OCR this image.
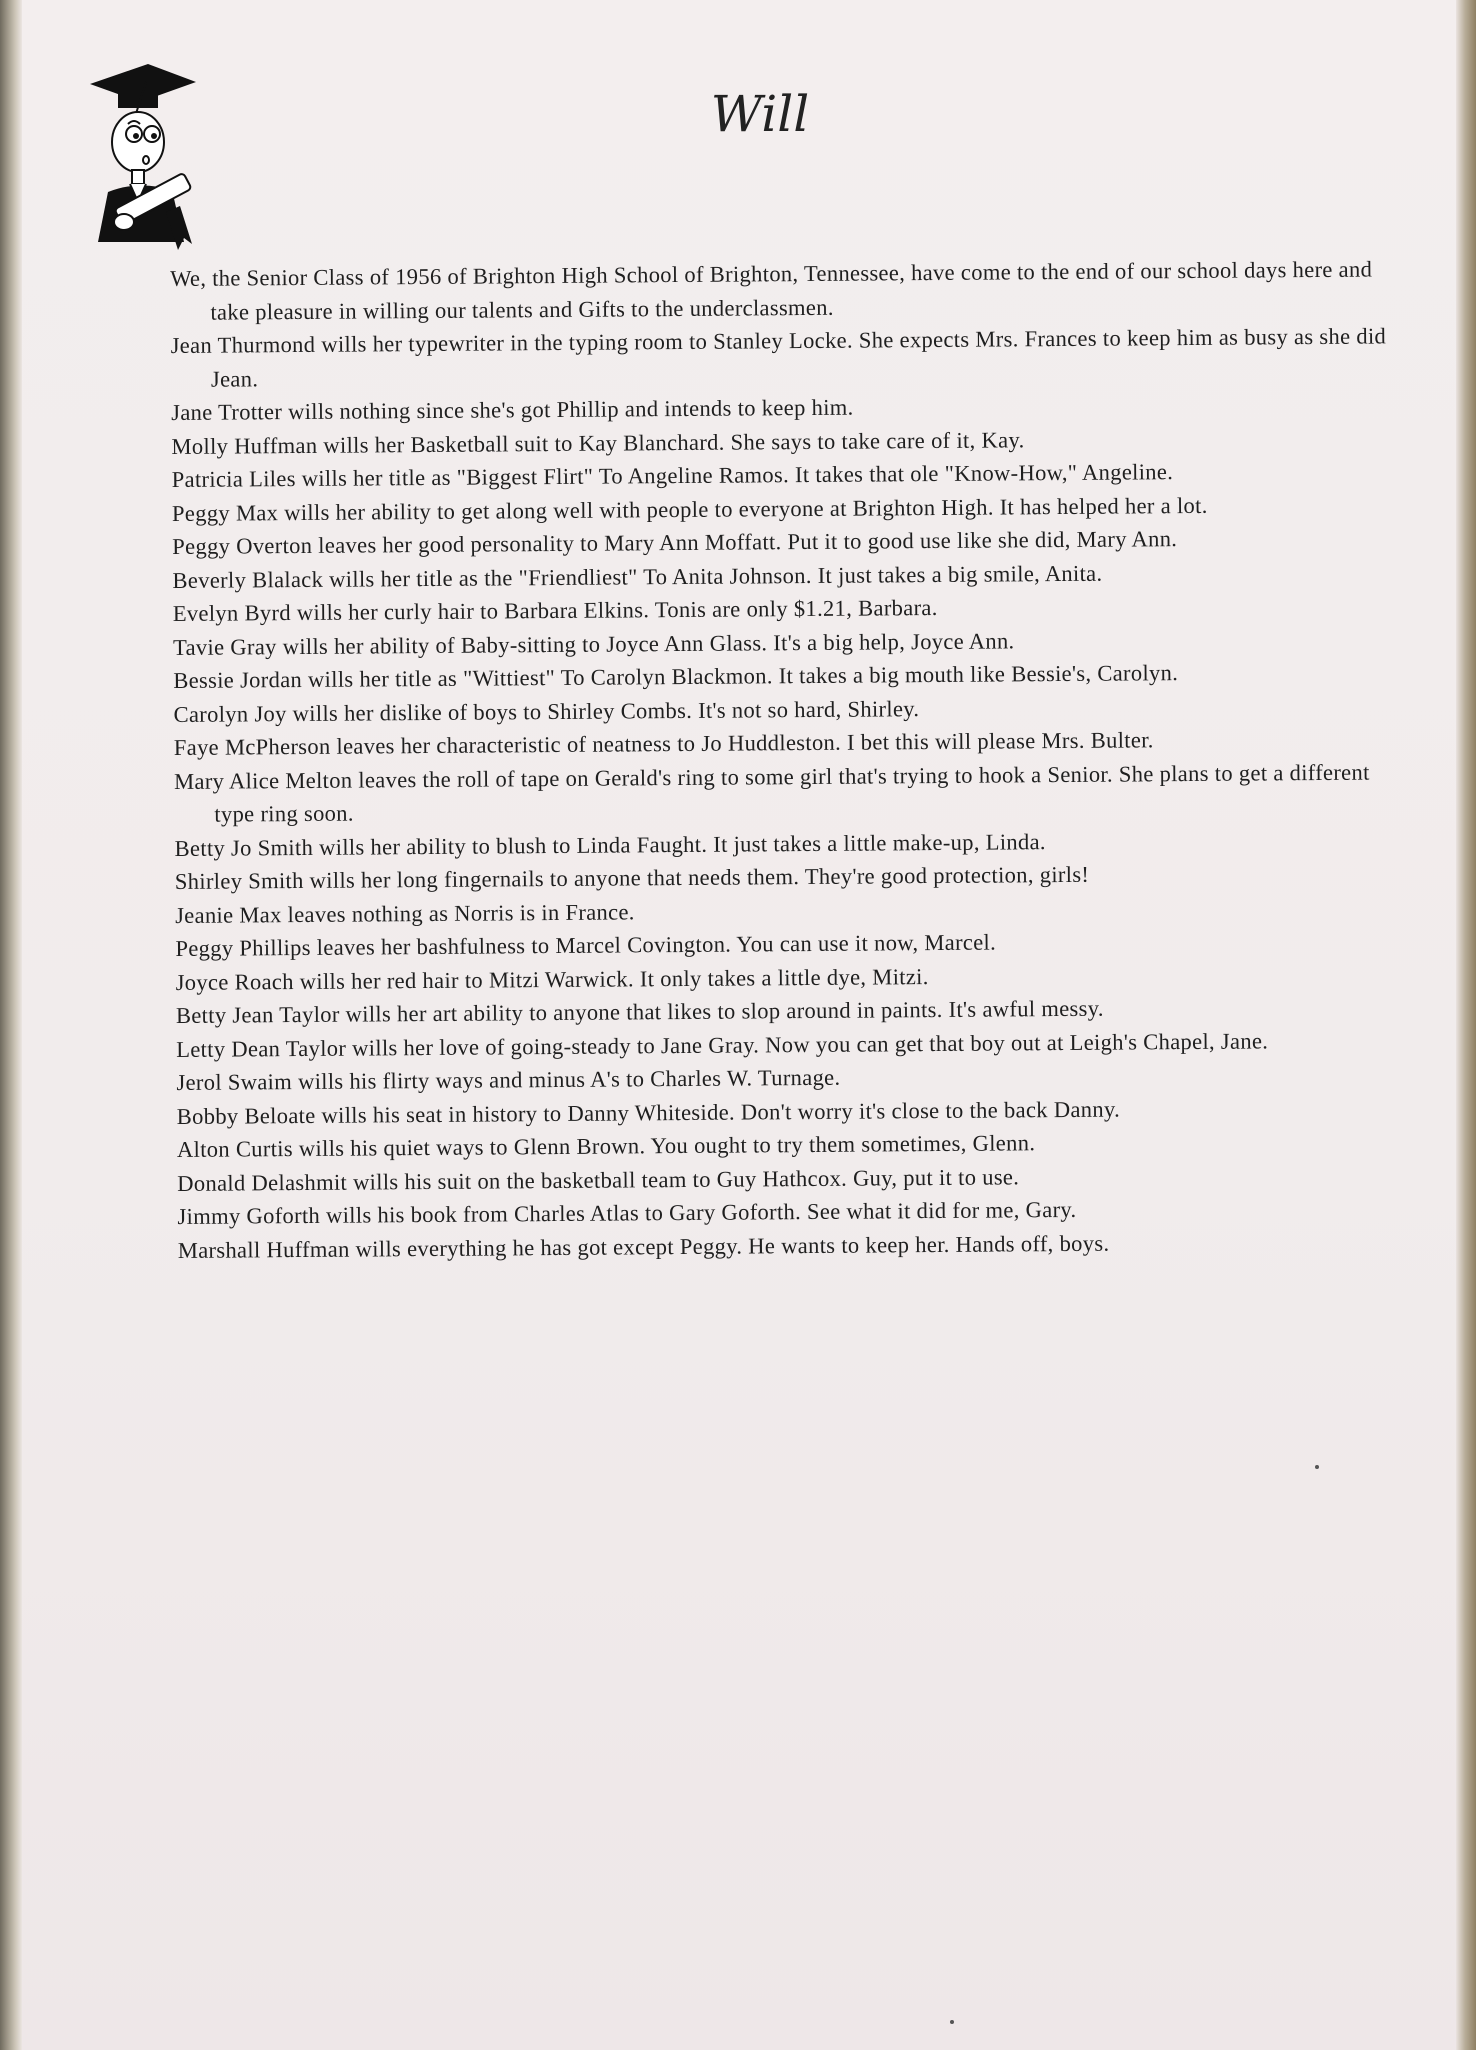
Will

We, the Senior Class of 1956 of Brighton High School of Brighton, Tennessee, have come to the end of our school days here and take pleasure in willing our talents and Gifts to the underclassmen.

Jean Thurmond wills her typewriter in the typing room to Stanley Locke. She expects Mrs. Frances to keep him as busy as she did Jean.

Jane Trotter wills nothing since she's got Phillip and intends to keep him.

Molly Huffman wills her Basketball suit to Kay Blanchard. She says to take care of it, Kay.

Patricia Liles wills her title as "Biggest Flirt" To Angeline Ramos. It takes that ole "Know-How," Angeline.

Peggy Max wills her ability to get along well with people to everyone at Brighton High. It has helped her a lot.

Peggy Overton leaves her good personality to Mary Ann Moffatt. Put it to good use like she did, Mary Ann.

Beverly Blalack wills her title as the "Friendliest" To Anita Johnson. It just takes a big smile, Anita.

Evelyn Byrd wills her curly hair to Barbara Elkins. Tonis are only $1.21, Barbara.

Tavie Gray wills her ability of Baby-sitting to Joyce Ann Glass. It's a big help, Joyce Ann.

Bessie Jordan wills her title as "Wittiest" To Carolyn Blackmon. It takes a big mouth like Bessie's, Carolyn.

Carolyn Joy wills her dislike of boys to Shirley Combs. It's not so hard, Shirley.

Faye McPherson leaves her characteristic of neatness to Jo Huddleston. I bet this will please Mrs. Bulter.

Mary Alice Melton leaves the roll of tape on Gerald's ring to some girl that's trying to hook a Senior. She plans to get a different type ring soon.

Betty Jo Smith wills her ability to blush to Linda Faught. It just takes a little make-up, Linda.

Shirley Smith wills her long fingernails to anyone that needs them. They're good protection, girls!

Jeanie Max leaves nothing as Norris is in France.

Peggy Phillips leaves her bashfulness to Marcel Covington. You can use it now, Marcel.

Joyce Roach wills her red hair to Mitzi Warwick. It only takes a little dye, Mitzi.

Betty Jean Taylor wills her art ability to anyone that likes to slop around in paints. It's awful messy.

Letty Dean Taylor wills her love of going-steady to Jane Gray. Now you can get that boy out at Leigh's Chapel, Jane.

Jerol Swaim wills his flirty ways and minus A's to Charles W. Turnage.

Bobby Beloate wills his seat in history to Danny Whiteside. Don't worry it's close to the back Danny.

Alton Curtis wills his quiet ways to Glenn Brown. You ought to try them sometimes, Glenn.

Donald Delashmit wills his suit on the basketball team to Guy Hathcox. Guy, put it to use.

Jimmy Goforth wills his book from Charles Atlas to Gary Goforth. See what it did for me, Gary.

Marshall Huffman wills everything he has got except Peggy. He wants to keep her. Hands off, boys.
